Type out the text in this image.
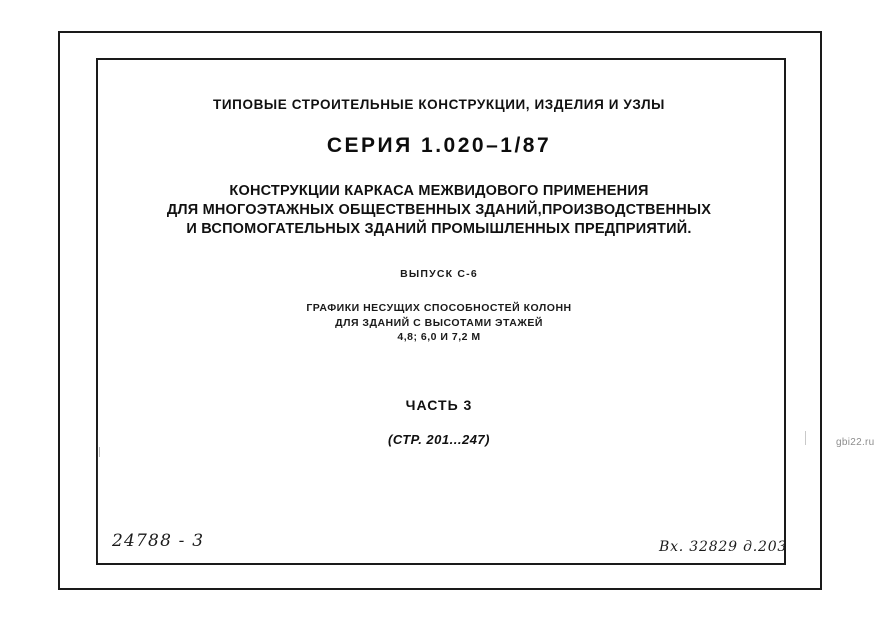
ТИПОВЫЕ СТРОИТЕЛЬНЫЕ КОНСТРУКЦИИ, ИЗДЕЛИЯ И УЗЛЫ
СЕРИЯ 1.020–1/87
КОНСТРУКЦИИ КАРКАСА МЕЖВИДОВОГО ПРИМЕНЕНИЯ
ДЛЯ МНОГОЭТАЖНЫХ ОБЩЕСТВЕННЫХ ЗДАНИЙ,ПРОИЗВОДСТВЕННЫХ
И ВСПОМОГАТЕЛЬНЫХ ЗДАНИЙ ПРОМЫШЛЕННЫХ ПРЕДПРИЯТИЙ.
ВЫПУСК С-6
ГРАФИКИ НЕСУЩИХ СПОСОБНОСТЕЙ КОЛОНН
ДЛЯ ЗДАНИЙ С ВЫСОТАМИ ЭТАЖЕЙ
4,8; 6,0 И 7,2 М
ЧАСТЬ 3
(СТР. 201...247)
24788 - 3	Вх. 32829 д.203
gbi22.ru
